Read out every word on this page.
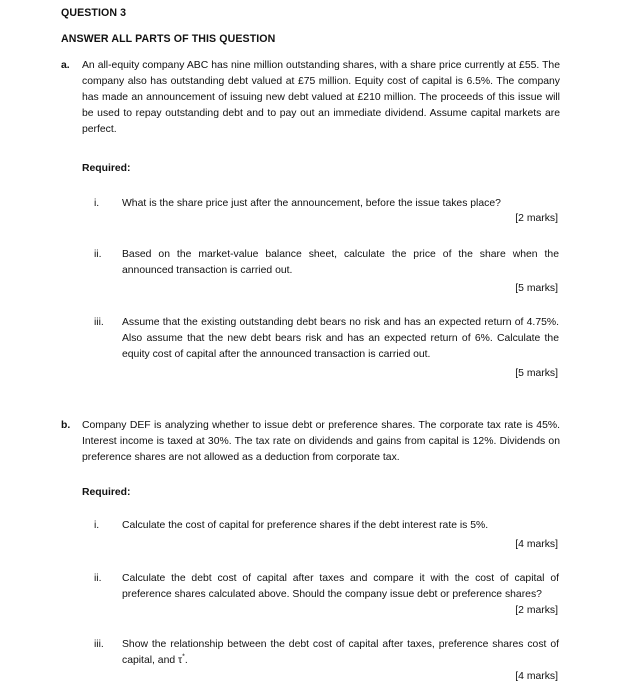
QUESTION 3
ANSWER ALL PARTS OF THIS QUESTION
a. An all-equity company ABC has nine million outstanding shares, with a share price currently at £55. The company also has outstanding debt valued at £75 million. Equity cost of capital is 6.5%. The company has made an announcement of issuing new debt valued at £210 million. The proceeds of this issue will be used to repay outstanding debt and to pay out an immediate dividend. Assume capital markets are perfect.
Required:
i. What is the share price just after the announcement, before the issue takes place?
[2 marks]
ii. Based on the market-value balance sheet, calculate the price of the share when the announced transaction is carried out.
[5 marks]
iii. Assume that the existing outstanding debt bears no risk and has an expected return of 4.75%. Also assume that the new debt bears risk and has an expected return of 6%. Calculate the equity cost of capital after the announced transaction is carried out.
[5 marks]
b. Company DEF is analyzing whether to issue debt or preference shares. The corporate tax rate is 45%. Interest income is taxed at 30%. The tax rate on dividends and gains from capital is 12%. Dividends on preference shares are not allowed as a deduction from corporate tax.
Required:
i. Calculate the cost of capital for preference shares if the debt interest rate is 5%.
[4 marks]
ii. Calculate the debt cost of capital after taxes and compare it with the cost of capital of preference shares calculated above. Should the company issue debt or preference shares?
[2 marks]
iii. Show the relationship between the debt cost of capital after taxes, preference shares cost of capital, and τ*.
[4 marks]
